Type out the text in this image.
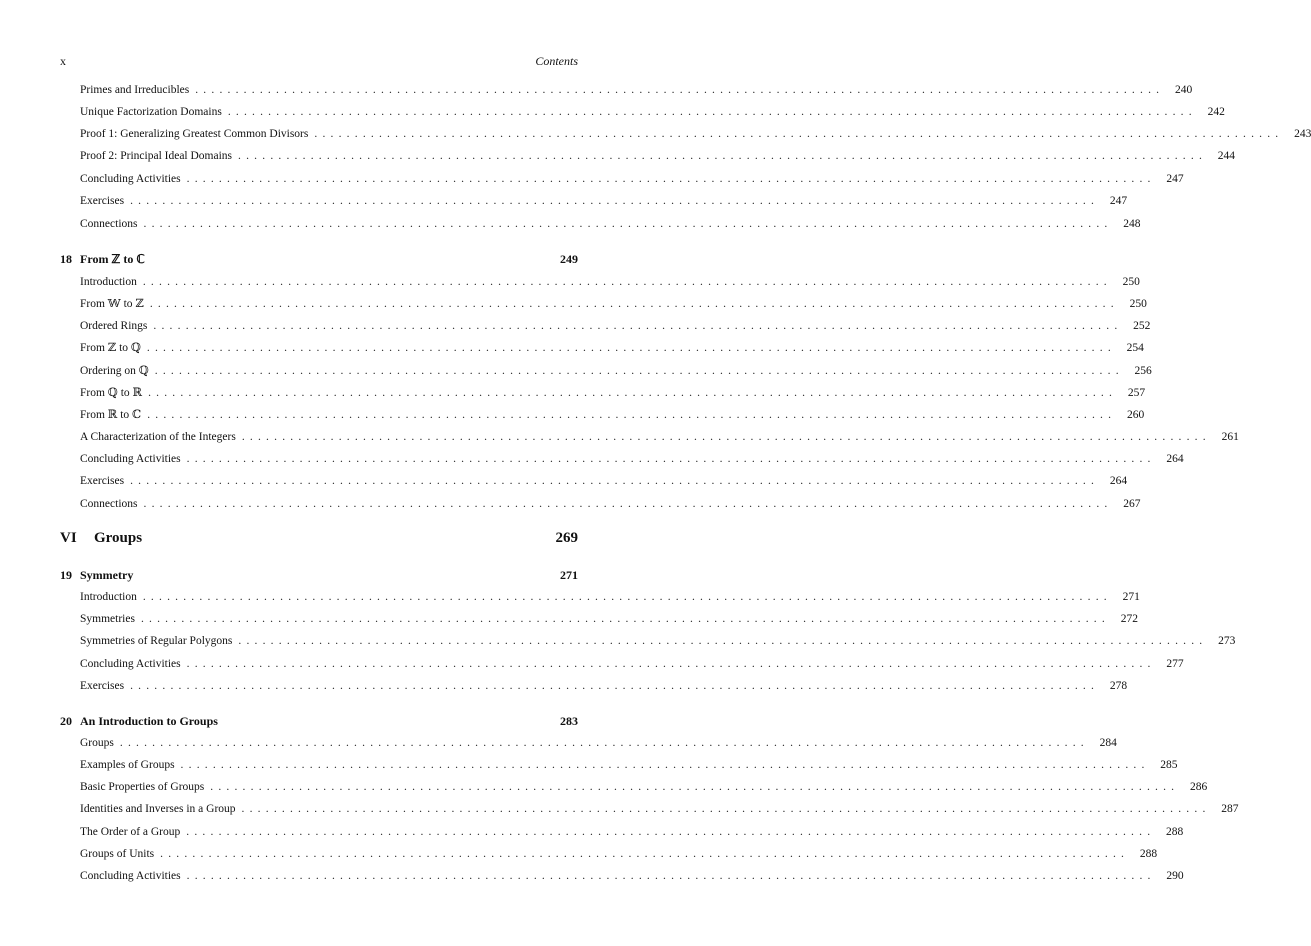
x	Contents
Primes and Irreducibles ........................................................................................................................ 240
Unique Factorization Domains ........................................................................................................................ 242
Proof 1: Generalizing Greatest Common Divisors ........................................................................................................................ 243
Proof 2: Principal Ideal Domains ........................................................................................................................ 244
Concluding Activities ........................................................................................................................ 247
Exercises ........................................................................................................................ 247
Connections ........................................................................................................................ 248
18 From ℤ to ℂ	249
Introduction ........................................................................................................................ 250
From 𝕎 to ℤ ........................................................................................................................ 250
Ordered Rings ........................................................................................................................ 252
From ℤ to ℚ ........................................................................................................................ 254
Ordering on ℚ ........................................................................................................................ 256
From ℚ to ℝ ........................................................................................................................ 257
From ℝ to ℂ ........................................................................................................................ 260
A Characterization of the Integers ........................................................................................................................ 261
Concluding Activities ........................................................................................................................ 264
Exercises ........................................................................................................................ 264
Connections ........................................................................................................................ 267
VI Groups	269
19 Symmetry	271
Introduction ........................................................................................................................ 271
Symmetries ........................................................................................................................ 272
Symmetries of Regular Polygons ........................................................................................................................ 273
Concluding Activities ........................................................................................................................ 277
Exercises ........................................................................................................................ 278
20 An Introduction to Groups	283
Groups ........................................................................................................................ 284
Examples of Groups ........................................................................................................................ 285
Basic Properties of Groups ........................................................................................................................ 286
Identities and Inverses in a Group ........................................................................................................................ 287
The Order of a Group ........................................................................................................................ 288
Groups of Units ........................................................................................................................ 288
Concluding Activities ........................................................................................................................ 290
